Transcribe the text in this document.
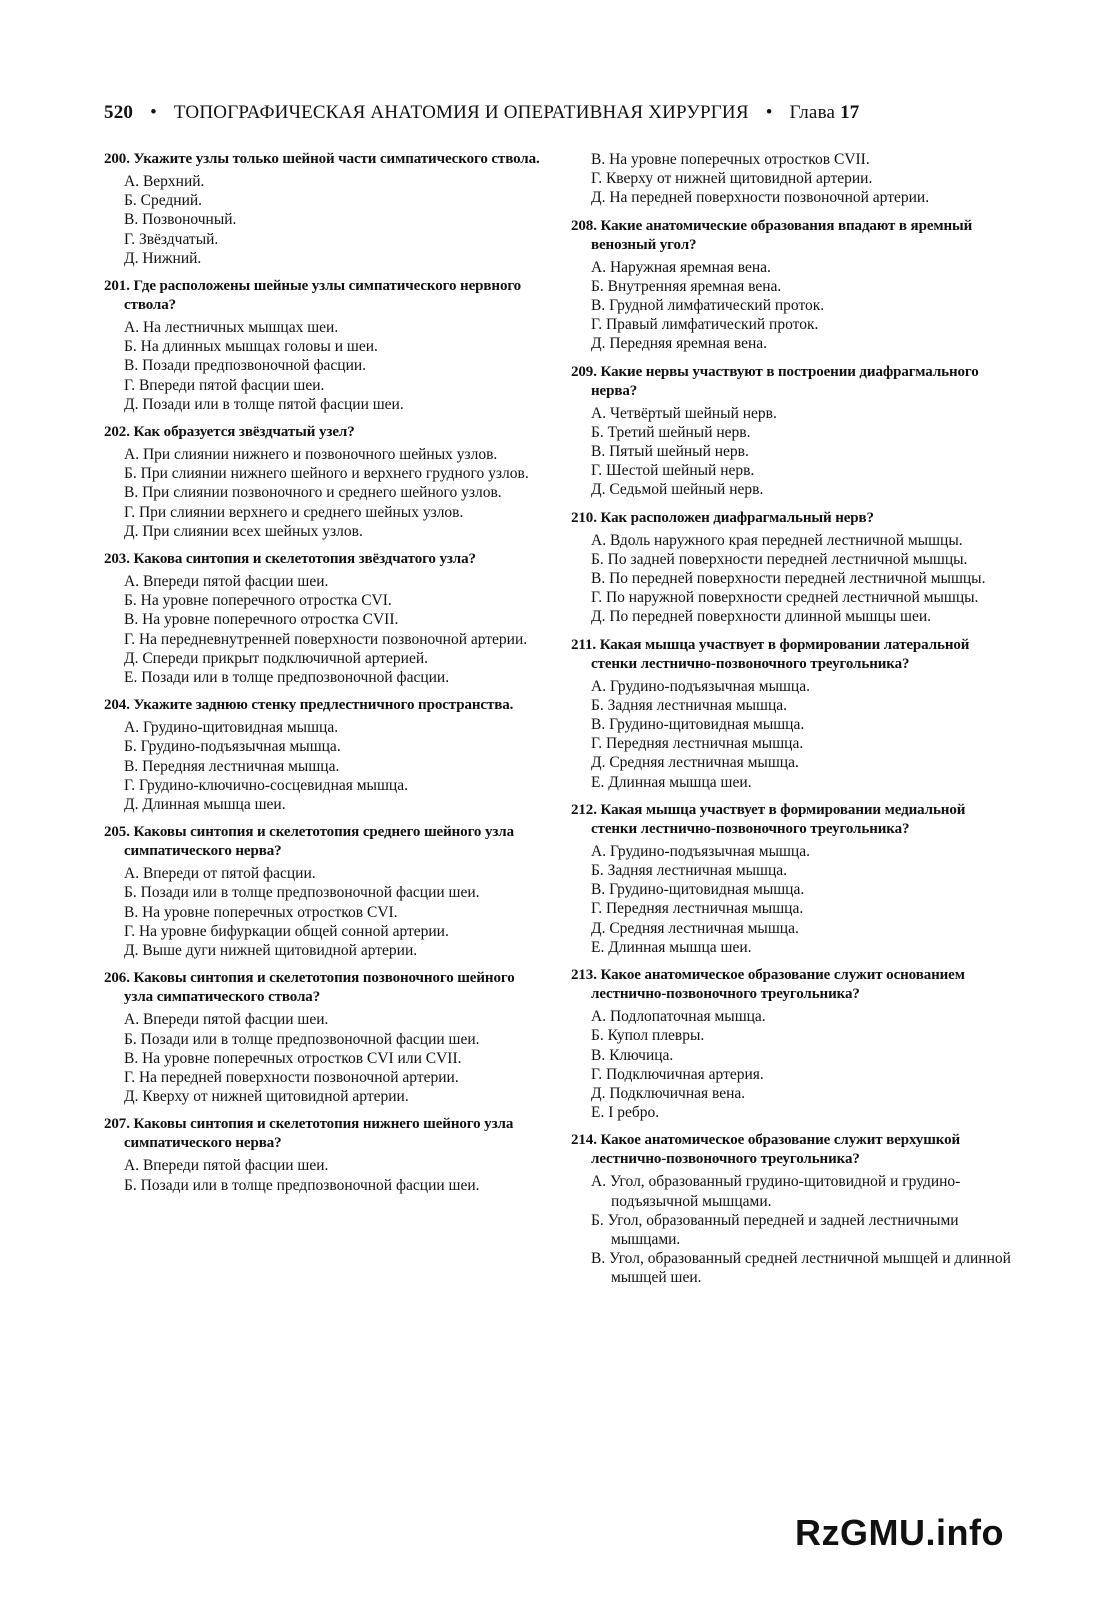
520 • ТОПОГРАФИЧЕСКАЯ АНАТОМИЯ И ОПЕРАТИВНАЯ ХИРУРГИЯ • Глава 17
200. Укажите узлы только шейной части симпатического ствола.
А. Верхний.
Б. Средний.
В. Позвоночный.
Г. Звёздчатый.
Д. Нижний.
201. Где расположены шейные узлы симпатического нервного ствола?
А. На лестничных мышцах шеи.
Б. На длинных мышцах головы и шеи.
В. Позади предпозвоночной фасции.
Г. Впереди пятой фасции шеи.
Д. Позади или в толще пятой фасции шеи.
202. Как образуется звёздчатый узел?
А. При слиянии нижнего и позвоночного шейных узлов.
Б. При слиянии нижнего шейного и верхнего грудного узлов.
В. При слиянии позвоночного и среднего шейного узлов.
Г. При слиянии верхнего и среднего шейных узлов.
Д. При слиянии всех шейных узлов.
203. Какова синтопия и скелетотопия звёздчатого узла?
А. Впереди пятой фасции шеи.
Б. На уровне поперечного отростка CVI.
В. На уровне поперечного отростка CVII.
Г. На передневнутренней поверхности позвоночной артерии.
Д. Спереди прикрыт подключичной артерией.
Е. Позади или в толще предпозвоночной фасции.
204. Укажите заднюю стенку предлестничного пространства.
А. Грудино-щитовидная мышца.
Б. Грудино-подъязычная мышца.
В. Передняя лестничная мышца.
Г. Грудино-ключично-сосцевидная мышца.
Д. Длинная мышца шеи.
205. Каковы синтопия и скелетотопия среднего шейного узла симпатического нерва?
А. Впереди от пятой фасции.
Б. Позади или в толще предпозвоночной фасции шеи.
В. На уровне поперечных отростков CVI.
Г. На уровне бифуркации общей сонной артерии.
Д. Выше дуги нижней щитовидной артерии.
206. Каковы синтопия и скелетотопия позвоночного шейного узла симпатического ствола?
А. Впереди пятой фасции шеи.
Б. Позади или в толще предпозвоночной фасции шеи.
В. На уровне поперечных отростков CVI или CVII.
Г. На передней поверхности позвоночной артерии.
Д. Кверху от нижней щитовидной артерии.
207. Каковы синтопия и скелетотопия нижнего шейного узла симпатического нерва?
А. Впереди пятой фасции шеи.
Б. Позади или в толще предпозвоночной фасции шеи.
В. На уровне поперечных отростков CVII.
Г. Кверху от нижней щитовидной артерии.
Д. На передней поверхности позвоночной артерии.
208. Какие анатомические образования впадают в яремный венозный угол?
А. Наружная яремная вена.
Б. Внутренняя яремная вена.
В. Грудной лимфатический проток.
Г. Правый лимфатический проток.
Д. Передняя яремная вена.
209. Какие нервы участвуют в построении диафрагмального нерва?
А. Четвёртый шейный нерв.
Б. Третий шейный нерв.
В. Пятый шейный нерв.
Г. Шестой шейный нерв.
Д. Седьмой шейный нерв.
210. Как расположен диафрагмальный нерв?
А. Вдоль наружного края передней лестничной мышцы.
Б. По задней поверхности передней лестничной мышцы.
В. По передней поверхности передней лестничной мышцы.
Г. По наружной поверхности средней лестничной мышцы.
Д. По передней поверхности длинной мышцы шеи.
211. Какая мышца участвует в формировании латеральной стенки лестнично-позвоночного треугольника?
А. Грудино-подъязычная мышца.
Б. Задняя лестничная мышца.
В. Грудино-щитовидная мышца.
Г. Передняя лестничная мышца.
Д. Средняя лестничная мышца.
Е. Длинная мышца шеи.
212. Какая мышца участвует в формировании медиальной стенки лестнично-позвоночного треугольника?
А. Грудино-подъязычная мышца.
Б. Задняя лестничная мышца.
В. Грудино-щитовидная мышца.
Г. Передняя лестничная мышца.
Д. Средняя лестничная мышца.
Е. Длинная мышца шеи.
213. Какое анатомическое образование служит основанием лестнично-позвоночного треугольника?
А. Подлопаточная мышца.
Б. Купол плевры.
В. Ключица.
Г. Подключичная артерия.
Д. Подключичная вена.
Е. I ребро.
214. Какое анатомическое образование служит верхушкой лестнично-позвоночного треугольника?
А. Угол, образованный грудино-щитовидной и грудино-подъязычной мышцами.
Б. Угол, образованный передней и задней лестничными мышцами.
В. Угол, образованный средней лестничной мышцей и длинной мышцей шеи.
RzGMU.info
